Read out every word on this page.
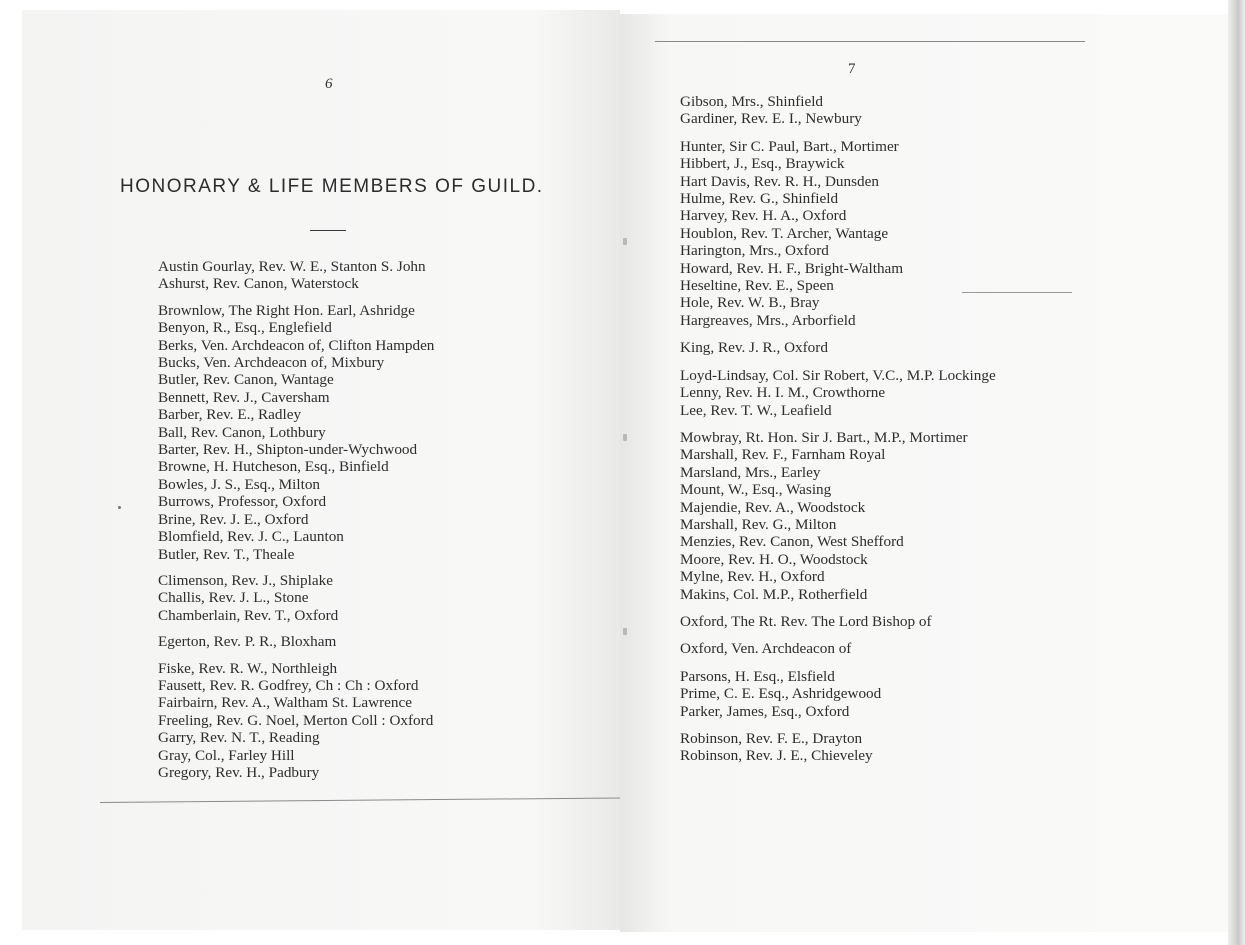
6
7
HONORARY & LIFE MEMBERS OF GUILD.
Austin Gourlay, Rev. W. E., Stanton S. John
Ashurst, Rev. Canon, Waterstock
Brownlow, The Right Hon. Earl, Ashridge
Benyon, R., Esq., Englefield
Berks, Ven. Archdeacon of, Clifton Hampden
Bucks, Ven. Archdeacon of, Mixbury
Butler, Rev. Canon, Wantage
Bennett, Rev. J., Caversham
Barber, Rev. E., Radley
Ball, Rev. Canon, Lothbury
Barter, Rev. H., Shipton-under-Wychwood
Browne, H. Hutcheson, Esq., Binfield
Bowles, J. S., Esq., Milton
Burrows, Professor, Oxford
Brine, Rev. J. E., Oxford
Blomfield, Rev. J. C., Launton
Butler, Rev. T., Theale
Climenson, Rev. J., Shiplake
Challis, Rev. J. L., Stone
Chamberlain, Rev. T., Oxford
Egerton, Rev. P. R., Bloxham
Fiske, Rev. R. W., Northleigh
Fausett, Rev. R. Godfrey, Ch : Ch : Oxford
Fairbairn, Rev. A., Waltham St. Lawrence
Freeling, Rev. G. Noel, Merton Coll : Oxford
Garry, Rev. N. T., Reading
Gray, Col., Farley Hill
Gregory, Rev. H., Padbury
Gibson, Mrs., Shinfield
Gardiner, Rev. E. I., Newbury
Hunter, Sir C. Paul, Bart., Mortimer
Hibbert, J., Esq., Braywick
Hart Davis, Rev. R. H., Dunsden
Hulme, Rev. G., Shinfield
Harvey, Rev. H. A., Oxford
Houblon, Rev. T. Archer, Wantage
Harington, Mrs., Oxford
Howard, Rev. H. F., Bright-Waltham
Heseltine, Rev. E., Speen
Hole, Rev. W. B., Bray
Hargreaves, Mrs., Arborfield
King, Rev. J. R., Oxford
Loyd-Lindsay, Col. Sir Robert, V.C., M.P. Lockinge
Lenny, Rev. H. I. M., Crowthorne
Lee, Rev. T. W., Leafield
Mowbray, Rt. Hon. Sir J. Bart., M.P., Mortimer
Marshall, Rev. F., Farnham Royal
Marsland, Mrs., Earley
Mount, W., Esq., Wasing
Majendie, Rev. A., Woodstock
Marshall, Rev. G., Milton
Menzies, Rev. Canon, West Shefford
Moore, Rev. H. O., Woodstock
Mylne, Rev. H., Oxford
Makins, Col. M.P., Rotherfield
Oxford, The Rt. Rev. The Lord Bishop of
Oxford, Ven. Archdeacon of
Parsons, H. Esq., Elsfield
Prime, C. E. Esq., Ashridgewood
Parker, James, Esq., Oxford
Robinson, Rev. F. E., Drayton
Robinson, Rev. J. E., Chieveley
